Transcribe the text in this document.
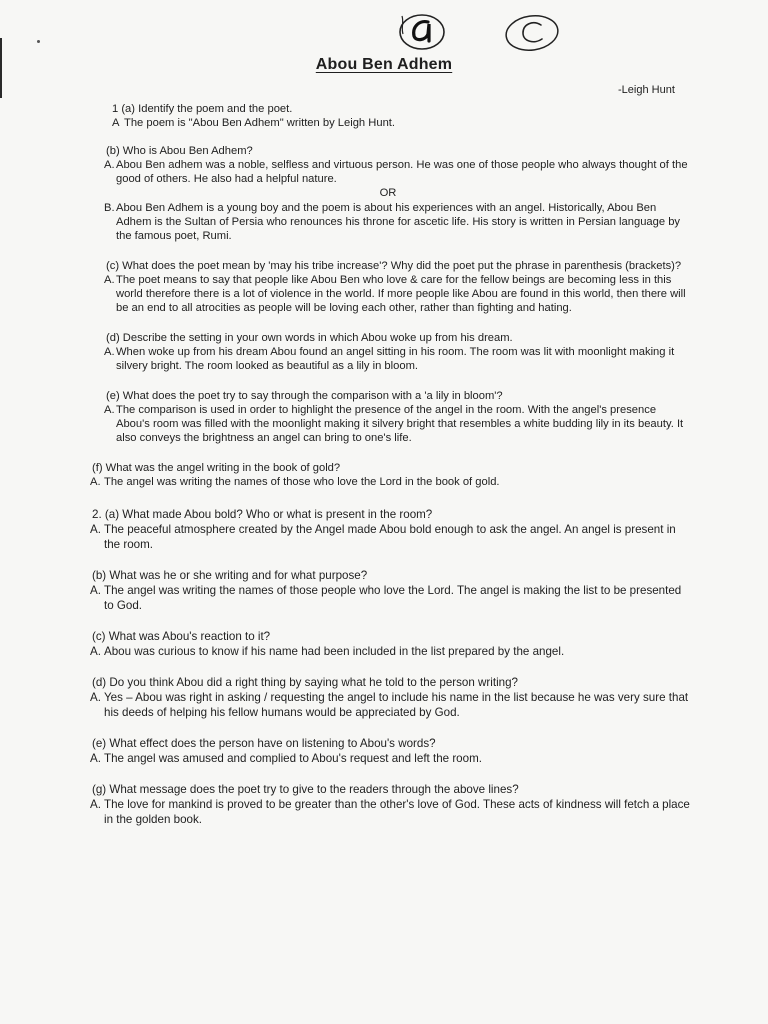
Abou Ben Adhem
-Leigh Hunt
1 (a) Identify the poem and the poet.
A The poem is "Abou Ben Adhem" written by Leigh Hunt.
(b) Who is Abou Ben Adhem?
A. Abou Ben adhem was a noble, selfless and virtuous person. He was one of those people who always thought of the good of others. He also had a helpful nature.
OR
B. Abou Ben Adhem is a young boy and the poem is about his experiences with an angel. Historically, Abou Ben Adhem is the Sultan of Persia who renounces his throne for ascetic life. His story is written in Persian language by the famous poet, Rumi.
(c) What does the poet mean by 'may his tribe increase'? Why did the poet put the phrase in parenthesis (brackets)?
A. The poet means to say that people like Abou Ben who love & care for the fellow beings are becoming less in this world therefore there is a lot of violence in the world. If more people like Abou are found in this world, then there will be an end to all atrocities as people will be loving each other, rather than fighting and hating.
(d) Describe the setting in your own words in which Abou woke up from his dream.
A. When woke up from his dream Abou found an angel sitting in his room. The room was lit with moonlight making it silvery bright. The room looked as beautiful as a lily in bloom.
(e) What does the poet try to say through the comparison with a 'a lily in bloom'?
A. The comparison is used in order to highlight the presence of the angel in the room. With the angel's presence Abou's room was filled with the moonlight making it silvery bright that resembles a white budding lily in its beauty. It also conveys the brightness an angel can bring to one's life.
(f) What was the angel writing in the book of gold?
A. The angel was writing the names of those who love the Lord in the book of gold.
2. (a) What made Abou bold? Who or what is present in the room?
A. The peaceful atmosphere created by the Angel made Abou bold enough to ask the angel. An angel is present in the room.
(b) What was he or she writing and for what purpose?
A. The angel was writing the names of those people who love the Lord. The angel is making the list to be presented to God.
(c) What was Abou's reaction to it?
A. Abou was curious to know if his name had been included in the list prepared by the angel.
(d) Do you think Abou did a right thing by saying what he told to the person writing?
A. Yes – Abou was right in asking / requesting the angel to include his name in the list because he was very sure that his deeds of helping his fellow humans would be appreciated by God.
(e) What effect does the person have on listening to Abou's words?
A. The angel was amused and complied to Abou's request and left the room.
(g) What message does the poet try to give to the readers through the above lines?
A. The love for mankind is proved to be greater than the other's love of God. These acts of kindness will fetch a place in the golden book.
